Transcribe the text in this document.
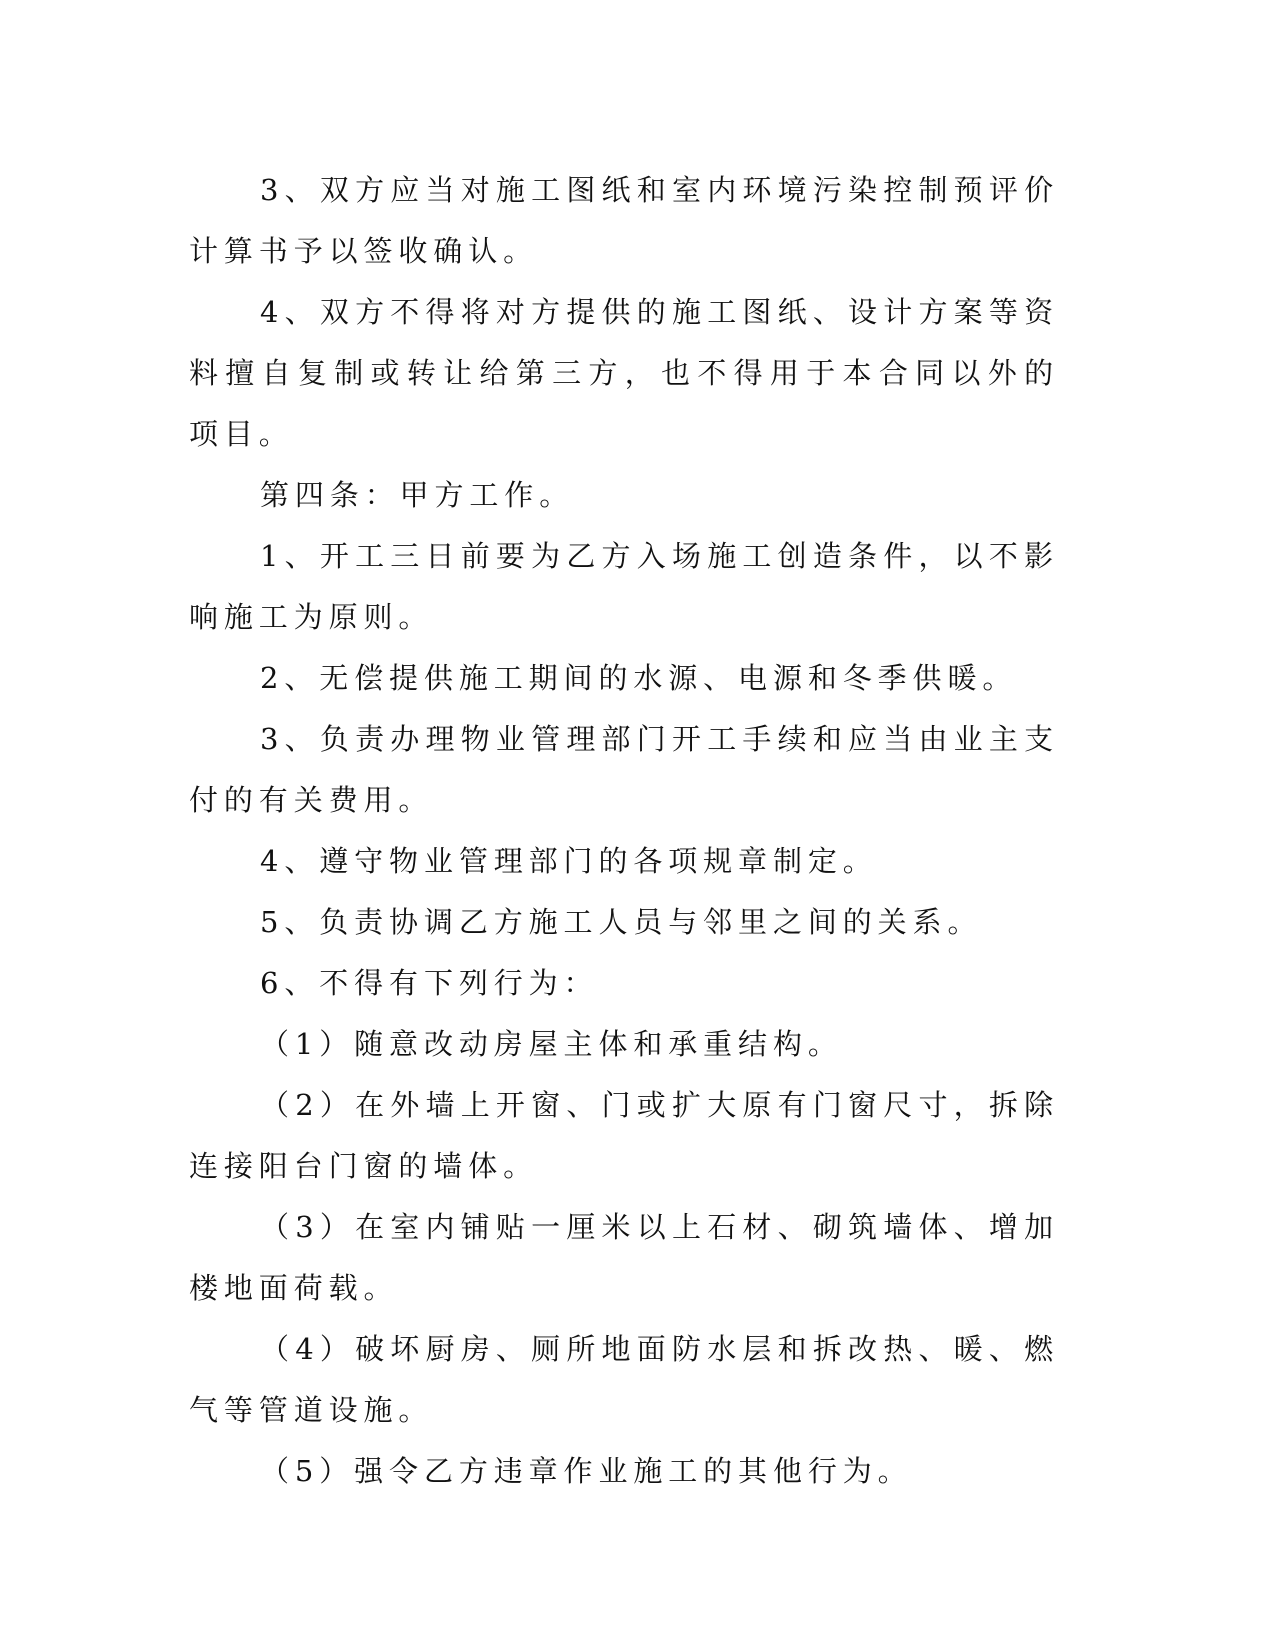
3、双方应当对施工图纸和室内环境污染控制预评价计算书予以签收确认。

4、双方不得将对方提供的施工图纸、设计方案等资料擅自复制或转让给第三方，也不得用于本合同以外的项目。

第四条：甲方工作。

1、开工三日前要为乙方入场施工创造条件，以不影响施工为原则。

2、无偿提供施工期间的水源、电源和冬季供暖。

3、负责办理物业管理部门开工手续和应当由业主支付的有关费用。

4、遵守物业管理部门的各项规章制定。

5、负责协调乙方施工人员与邻里之间的关系。

6、不得有下列行为：

（1）随意改动房屋主体和承重结构。

（2）在外墙上开窗、门或扩大原有门窗尺寸，拆除连接阳台门窗的墙体。

（3）在室内铺贴一厘米以上石材、砌筑墙体、增加楼地面荷载。

（4）破坏厨房、厕所地面防水层和拆改热、暖、燃气等管道设施。

（5）强令乙方违章作业施工的其他行为。
